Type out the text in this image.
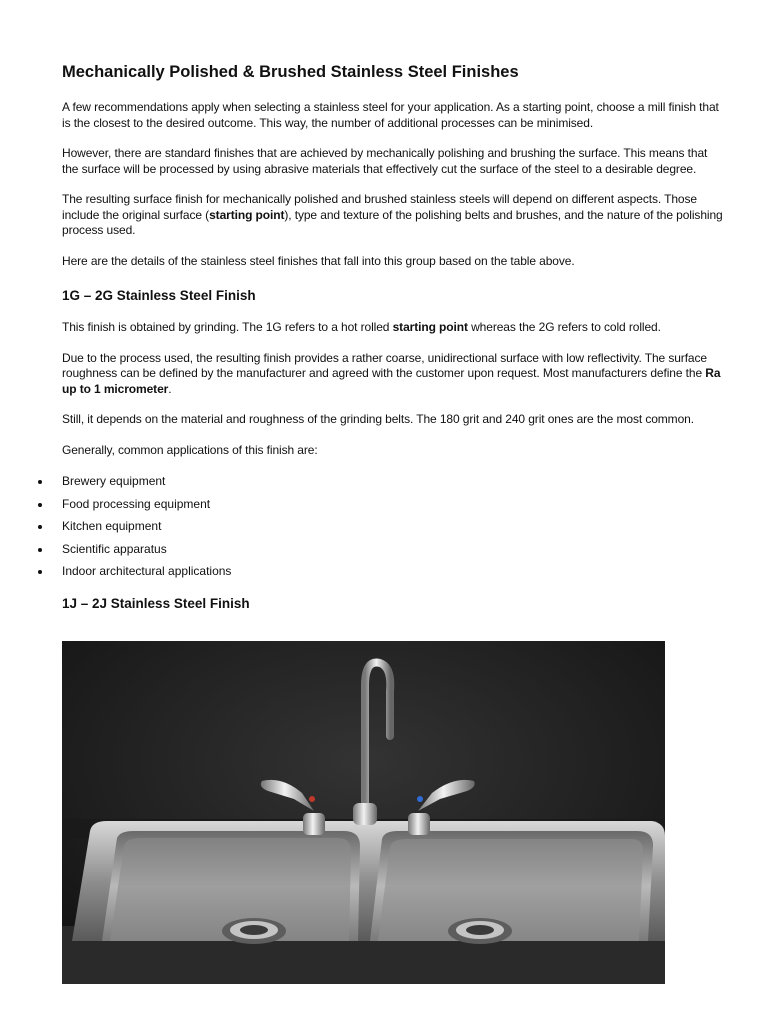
Mechanically Polished & Brushed Stainless Steel Finishes

A few recommendations apply when selecting a stainless steel for your application. As a starting point, choose a mill finish that is the closest to the desired outcome. This way, the number of additional processes can be minimised.

However, there are standard finishes that are achieved by mechanically polishing and brushing the surface. This means that the surface will be processed by using abrasive materials that effectively cut the surface of the steel to a desirable degree.

The resulting surface finish for mechanically polished and brushed stainless steels will depend on different aspects. Those include the original surface (starting point), type and texture of the polishing belts and brushes, and the nature of the polishing process used.

Here are the details of the stainless steel finishes that fall into this group based on the table above.

1G – 2G Stainless Steel Finish

This finish is obtained by grinding. The 1G refers to a hot rolled starting point whereas the 2G refers to cold rolled.

Due to the process used, the resulting finish provides a rather coarse, unidirectional surface with low reflectivity. The surface roughness can be defined by the manufacturer and agreed with the customer upon request. Most manufacturers define the Ra up to 1 micrometer.

Still, it depends on the material and roughness of the grinding belts. The 180 grit and 240 grit ones are the most common.

Generally, common applications of this finish are:

Brewery equipment
Food processing equipment
Kitchen equipment
Scientific apparatus
Indoor architectural applications
1J – 2J Stainless Steel Finish
